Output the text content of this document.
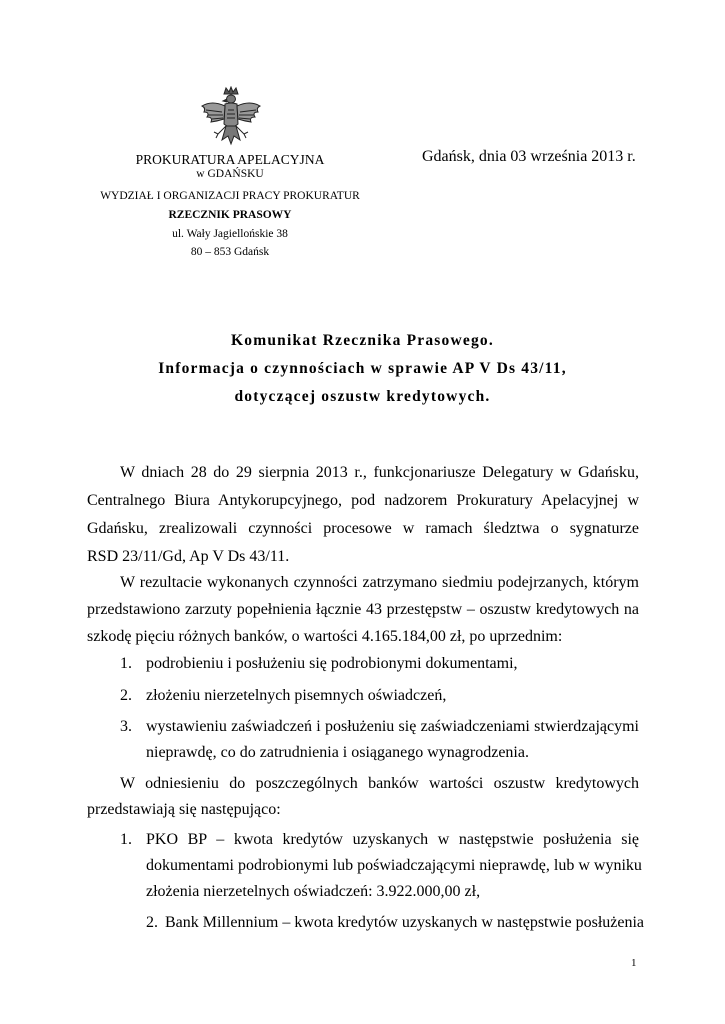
PROKURATURA APELACYJNA
w GDAŃSKU
WYDZIAŁ I ORGANIZACJI PRACY PROKURATUR
RZECZNIK PRASOWY
ul. Wały Jagiellońskie 38
80 – 853 Gdańsk
Gdańsk, dnia 03 września 2013 r.
Komunikat Rzecznika Prasowego.
Informacja o czynnościach w sprawie AP V Ds 43/11,
dotyczącej oszustw kredytowych.
W dniach 28 do 29 sierpnia 2013 r., funkcjonariusze Delegatury w Gdańsku,
Centralnego Biura Antykorupcyjnego, pod nadzorem Prokuratury Apelacyjnej w
Gdańsku, zrealizowali czynności procesowe w ramach śledztwa o sygnaturze
RSD 23/11/Gd, Ap V Ds 43/11.
W rezultacie wykonanych czynności zatrzymano siedmiu podejrzanych, którym
przedstawiono zarzuty popełnienia łącznie 43 przestępstw – oszustw kredytowych na
szkodę pięciu różnych banków, o wartości 4.165.184,00 zł, po uprzednim:
1. podrobieniu i posłużeniu się podrobionymi dokumentami,
2. złożeniu nierzetelnych pisemnych oświadczeń,
3. wystawieniu zaświadczeń i posłużeniu się zaświadczeniami stwierdzającymi
nieprawdę, co do zatrudnienia i osiąganego wynagrodzenia.
W odniesieniu do poszczególnych banków wartości oszustw kredytowych
przedstawiają się następująco:
1. PKO BP – kwota kredytów uzyskanych w następstwie posłużenia się
dokumentami podrobionymi lub poświadczającymi nieprawdę, lub w wyniku
złożenia nierzetelnych oświadczeń: 3.922.000,00 zł,
2. Bank Millennium – kwota kredytów uzyskanych w następstwie posłużenia
1
